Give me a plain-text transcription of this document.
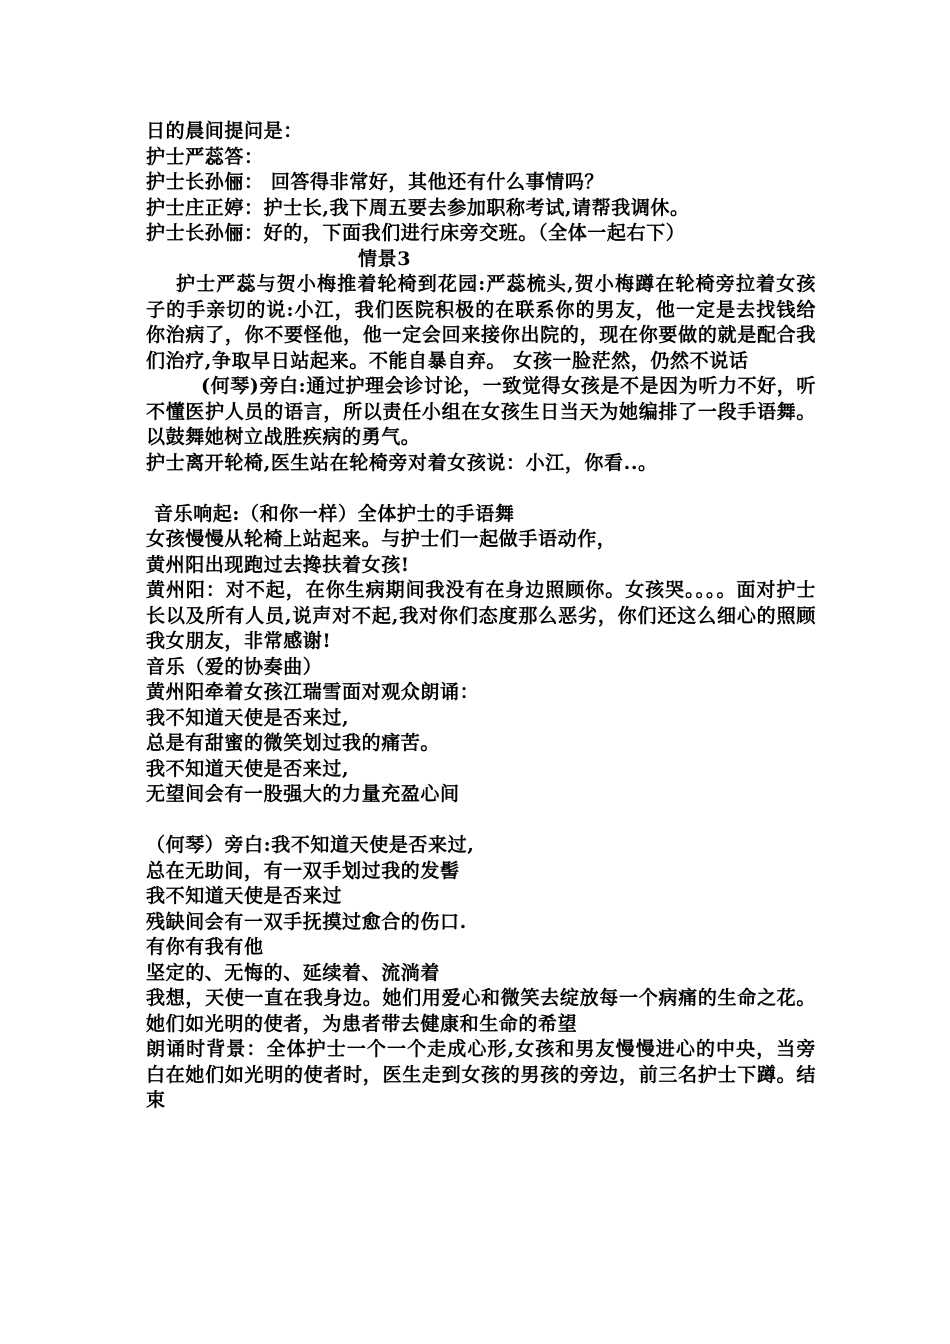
日的晨间提问是：
护士严蕊答：
护士长孙俪： 回答得非常好，其他还有什么事情吗？
护士庄正婷：护士长,我下周五要去参加职称考试,请帮我调休。
护士长孙俪：好的，下面我们进行床旁交班。（全体一起右下）
情景3
护士严蕊与贺小梅推着轮椅到花园:严蕊梳头,贺小梅蹲在轮椅旁拉着女孩子的手亲切的说:小江，我们医院积极的在联系你的男友，他一定是去找钱给你治病了，你不要怪他，他一定会回来接你出院的，现在你要做的就是配合我们治疗,争取早日站起来。不能自暴自弃。 女孩一脸茫然，仍然不说话
(何琴)旁白:通过护理会诊讨论，一致觉得女孩是不是因为听力不好，听不懂医护人员的语言，所以责任小组在女孩生日当天为她编排了一段手语舞。以鼓舞她树立战胜疾病的勇气。
护士离开轮椅,医生站在轮椅旁对着女孩说：小江，你看..。
音乐响起:（和你一样）全体护士的手语舞
女孩慢慢从轮椅上站起来。与护士们一起做手语动作，
黄州阳出现跑过去搀扶着女孩!
黄州阳：对不起，在你生病期间我没有在身边照顾你。女孩哭。。。。面对护士长以及所有人员,说声对不起,我对你们态度那么恶劣，你们还这么细心的照顾我女朋友，非常感谢!
音乐（爱的协奏曲）
黄州阳牵着女孩江瑞雪面对观众朗诵：
我不知道天使是否来过,
总是有甜蜜的微笑划过我的痛苦。
我不知道天使是否来过,
无望间会有一股强大的力量充盈心间
（何琴）旁白:我不知道天使是否来过,
总在无助间，有一双手划过我的发髻
我不知道天使是否来过
残缺间会有一双手抚摸过愈合的伤口.
有你有我有他
坚定的、无悔的、延续着、流淌着
我想，天使一直在我身边。她们用爱心和微笑去绽放每一个病痛的生命之花。她们如光明的使者，为患者带去健康和生命的希望
朗诵时背景：全体护士一个一个走成心形,女孩和男友慢慢进心的中央，当旁白在她们如光明的使者时，医生走到女孩的男孩的旁边，前三名护士下蹲。结束
